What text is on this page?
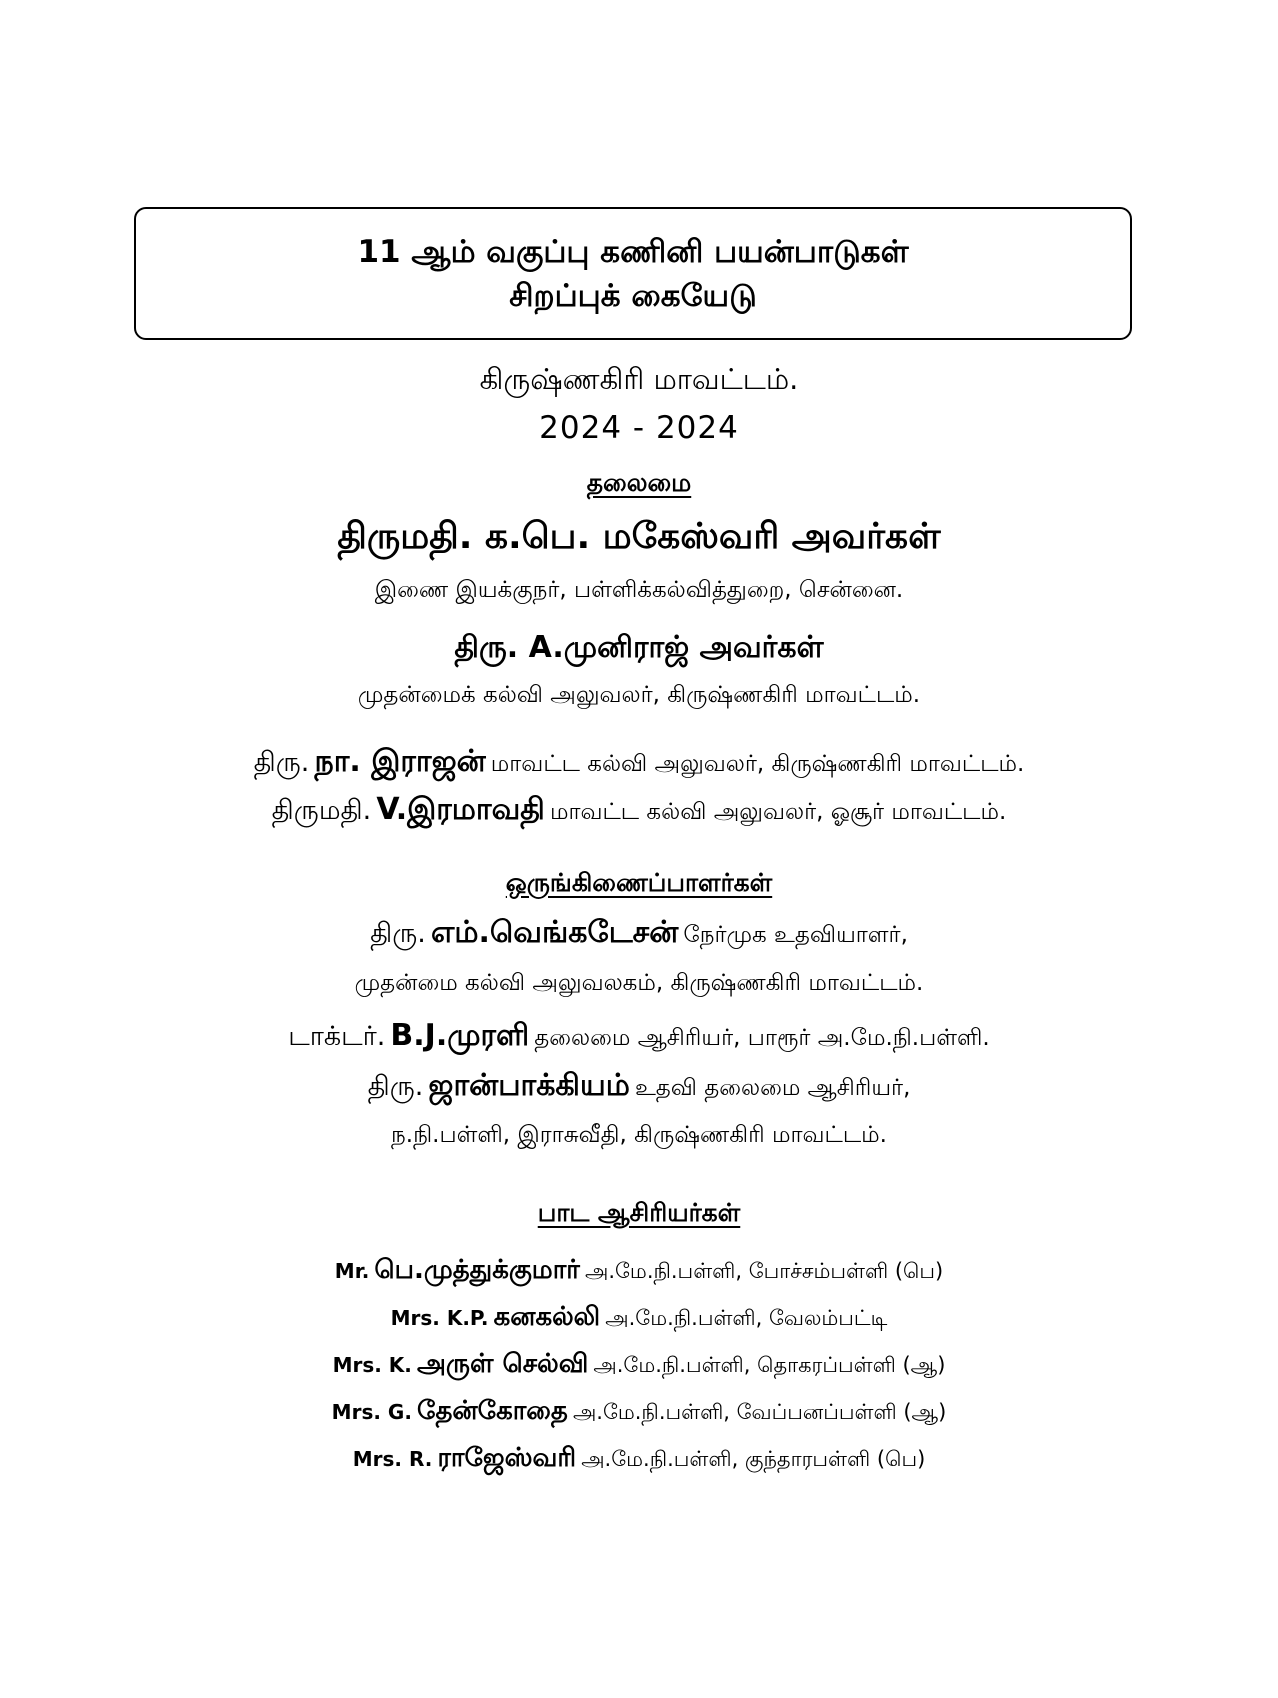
11 ஆம் வகுப்பு கணினி பயன்பாடுகள்
சிறப்புக் கையேடு
கிருஷ்ணகிரி மாவட்டம்.
2024 - 2024
தலைமை
திருமதி. க.பெ. மகேஸ்வரி அவர்கள்
இணை இயக்குநர், பள்ளிக்கல்வித்துறை, சென்னை.
திரு. A.முனிராஜ் அவர்கள்
முதன்மைக் கல்வி அலுவலர், கிருஷ்ணகிரி மாவட்டம்.
திரு. நா. இராஜன் மாவட்ட கல்வி அலுவலர், கிருஷ்ணகிரி மாவட்டம்.
திருமதி. V.இரமாவதி மாவட்ட கல்வி அலுவலர், ஓசூர் மாவட்டம்.
ஒருங்கிணைப்பாளர்கள்
திரு. எம்.வெங்கடேசன் நேர்முக உதவியாளர்,
முதன்மை கல்வி அலுவலகம், கிருஷ்ணகிரி மாவட்டம்.
டாக்டர். B.J.முரளி தலைமை ஆசிரியர், பாரூர் அ.மே.நி.பள்ளி.
திரு. ஜான்பாக்கியம் உதவி தலைமை ஆசிரியர்,
ந.நி.பள்ளி, இராசுவீதி, கிருஷ்ணகிரி மாவட்டம்.
பாட ஆசிரியர்கள்
Mr. பெ.முத்துக்குமார் அ.மே.நி.பள்ளி, போச்சம்பள்ளி (பெ)
Mrs. K.P. கனகல்லி அ.மே.நி.பள்ளி, வேலம்பட்டி
Mrs. K. அருள் செல்வி அ.மே.நி.பள்ளி, தொகரப்பள்ளி (ஆ)
Mrs. G. தேன்கோதை அ.மே.நி.பள்ளி, வேப்பனப்பள்ளி (ஆ)
Mrs. R. ராஜேஸ்வரி அ.மே.நி.பள்ளி, குந்தாரபள்ளி (பெ)
